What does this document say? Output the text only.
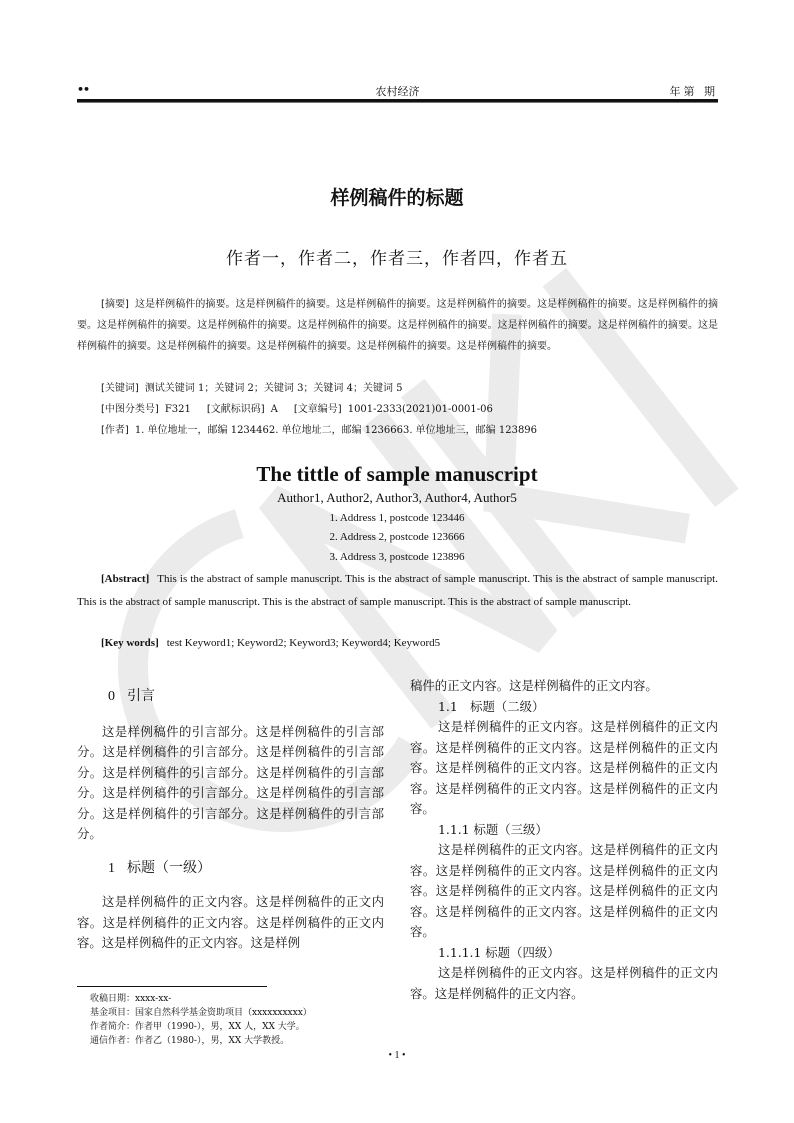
••	农村经济	年第 期
样例稿件的标题
作者一，作者二，作者三，作者四，作者五
[摘要] 这是样例稿件的摘要。这是样例稿件的摘要。这是样例稿件的摘要。这是样例稿件的摘要。这是样例稿件的摘要。这是样例稿件的摘要。这是样例稿件的摘要。这是样例稿件的摘要。这是样例稿件的摘要。这是样例稿件的摘要。这是样例稿件的摘要。这是样例稿件的摘要。这是样例稿件的摘要。这是样例稿件的摘要。这是样例稿件的摘要。这是样例稿件的摘要。这是样例稿件的摘要。
[关键词] 测试关键词 1；关键词 2；关键词 3；关键词 4；关键词 5
[中图分类号] F321 [文献标识码] A [文章编号] 1001-2333(2021)01-0001-06
[作者] 1. 单位地址一，邮编 1234462. 单位地址二，邮编 1236663. 单位地址三，邮编 123896
The tittle of sample manuscript
Author1, Author2, Author3, Author4, Author5
1. Address 1, postcode 123446
2. Address 2, postcode 123666
3. Address 3, postcode 123896
[Abstract] This is the abstract of sample manuscript. This is the abstract of sample manuscript. This is the abstract of sample manuscript. This is the abstract of sample manuscript. This is the abstract of sample manuscript. This is the abstract of sample manuscript.
[Key words] test Keyword1; Keyword2; Keyword3; Keyword4; Keyword5
0 引言
这是样例稿件的引言部分。这是样例稿件的引言部分。这是样例稿件的引言部分。这是样例稿件的引言部分。这是样例稿件的引言部分。这是样例稿件的引言部分。这是样例稿件的引言部分。这是样例稿件的引言部分。这是样例稿件的引言部分。这是样例稿件的引言部分。
1 标题（一级）
这是样例稿件的正文内容。这是样例稿件的正文内容。这是样例稿件的正文内容。这是样例稿件的正文内容。这是样例稿件的正文内容。这是样例
稿件的正文内容。这是样例稿件的正文内容。
1.1　标题（二级）
这是样例稿件的正文内容。这是样例稿件的正文内容。这是样例稿件的正文内容。这是样例稿件的正文内容。这是样例稿件的正文内容。这是样例稿件的正文内容。这是样例稿件的正文内容。这是样例稿件的正文内容。
1.1.1 标题（三级）
这是样例稿件的正文内容。这是样例稿件的正文内容。这是样例稿件的正文内容。这是样例稿件的正文内容。这是样例稿件的正文内容。这是样例稿件的正文内容。这是样例稿件的正文内容。这是样例稿件的正文内容。
1.1.1.1 标题（四级）
这是样例稿件的正文内容。这是样例稿件的正文内容。这是样例稿件的正文内容。
收稿日期：xxxx-xx-
基金项目：国家自然科学基金资助项目（xxxxxxxxxx）
作者简介：作者甲（1990-），男，XX 人，XX 大学。
通信作者：作者乙（1980-），男，XX 大学教授。
• 1 •
